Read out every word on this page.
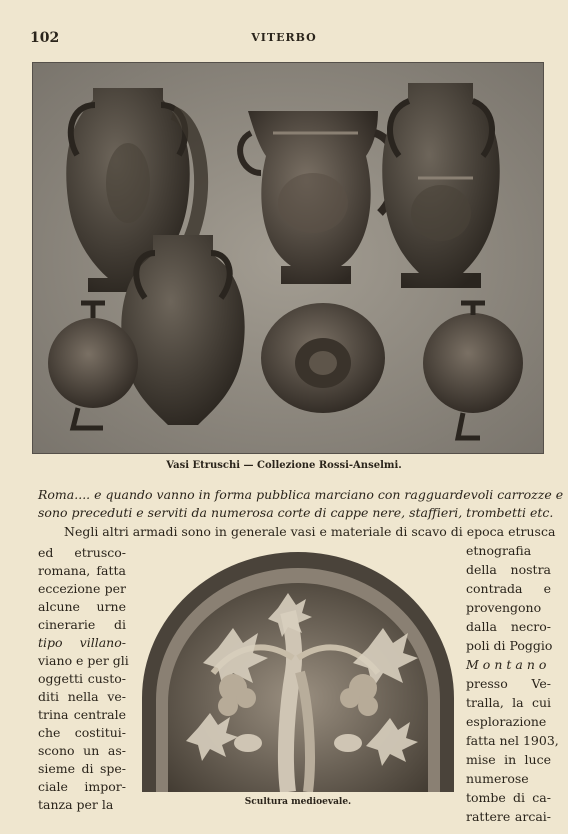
102	VITERBO
Vasi Etruschi — Collezione Rossi-Anselmi.
Roma.... e quando vanno in forma pubblica marciano con ragguardevoli carrozze e
sono preceduti e serviti da numerosa corte di cappe nere, staffieri, trombetti etc.
Negli altri armadi sono in generale vasi e materiale di scavo di epoca etrusca
ed etrusco-
romana, fatta
eccezione per
alcune urne
cinerarie di
tipo villano-
viano e per gli
oggetti custo-
diti nella ve-
trina centrale
che costitui-
scono un as-
sieme di spe-
ciale impor-
tanza per la
etnografia
della nostra
contrada e
provengono
dalla necro-
poli di Poggio
Montano
presso Ve-
tralla, la cui
esplorazione
fatta nel 1903,
mise in luce
numerose
tombe di ca-
rattere arcai-
Scultura medioevale.
